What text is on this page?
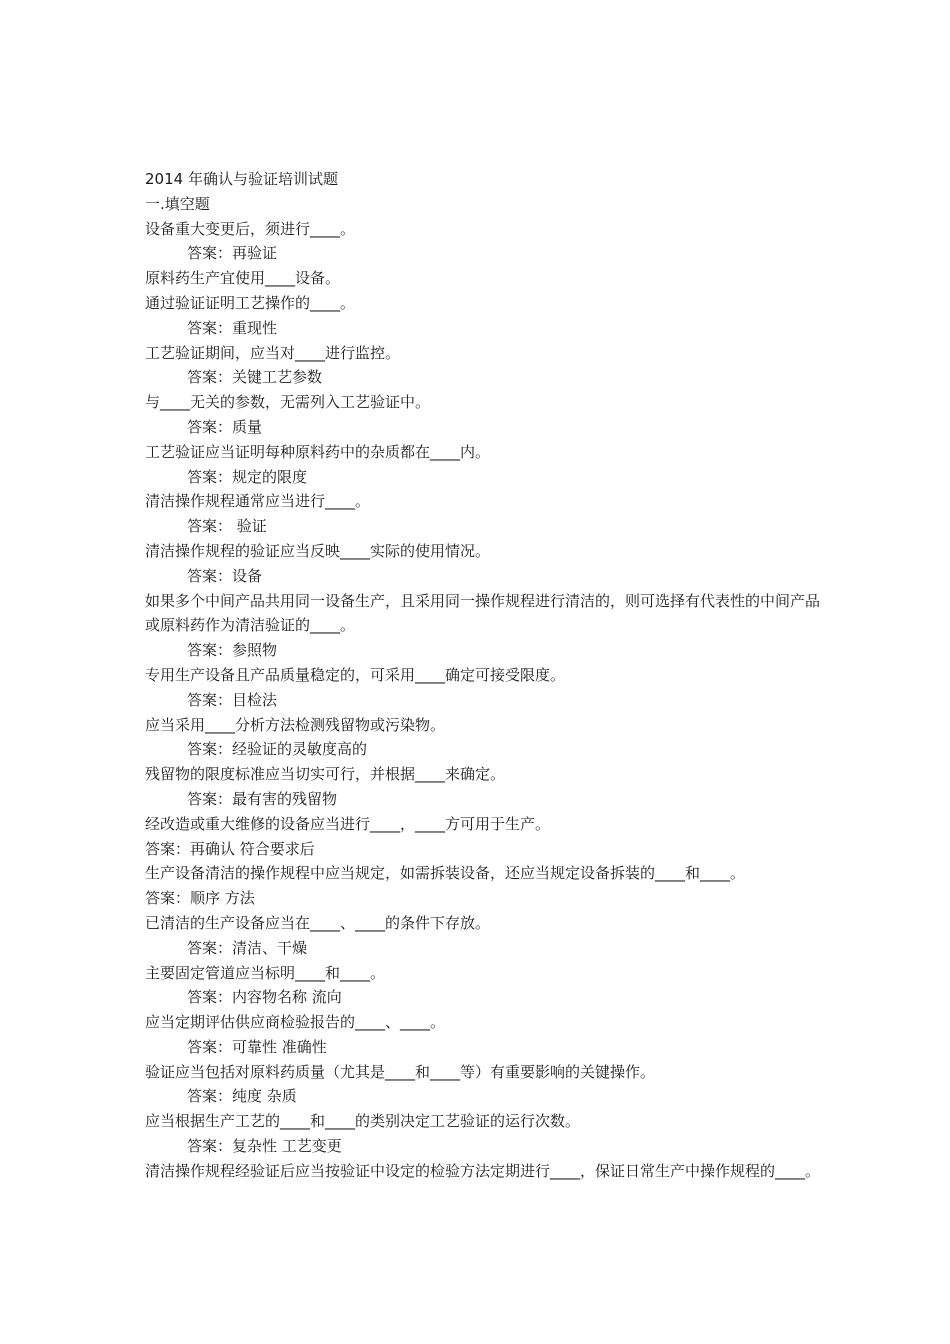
2014 年确认与验证培训试题
一.填空题
设备重大变更后，须进行____。
答案：再验证
原料药生产宜使用____设备。
通过验证证明工艺操作的____。
答案：重现性
工艺验证期间，应当对____进行监控。
答案：关键工艺参数
与____无关的参数，无需列入工艺验证中。
答案：质量
工艺验证应当证明每种原料药中的杂质都在____内。
答案：规定的限度
清洁操作规程通常应当进行____。
答案： 验证
清洁操作规程的验证应当反映____实际的使用情况。
答案：设备
如果多个中间产品共用同一设备生产，且采用同一操作规程进行清洁的，则可选择有代表性的中间产品或原料药作为清洁验证的____。
答案：参照物
专用生产设备且产品质量稳定的，可采用____确定可接受限度。
答案：目检法
应当采用____分析方法检测残留物或污染物。
答案：经验证的灵敏度高的
残留物的限度标准应当切实可行，并根据____来确定。
答案：最有害的残留物
经改造或重大维修的设备应当进行____，____方可用于生产。
答案：再确认 符合要求后
生产设备清洁的操作规程中应当规定，如需拆装设备，还应当规定设备拆装的____和____。
答案：顺序 方法
已清洁的生产设备应当在____、____的条件下存放。
答案：清洁、干燥
主要固定管道应当标明____和____。
答案：内容物名称 流向
应当定期评估供应商检验报告的____、____。
答案：可靠性 准确性
验证应当包括对原料药质量（尤其是____和____等）有重要影响的关键操作。
答案：纯度 杂质
应当根据生产工艺的____和____的类别决定工艺验证的运行次数。
答案：复杂性 工艺变更
清洁操作规程经验证后应当按验证中设定的检验方法定期进行____，保证日常生产中操作规程的____。
